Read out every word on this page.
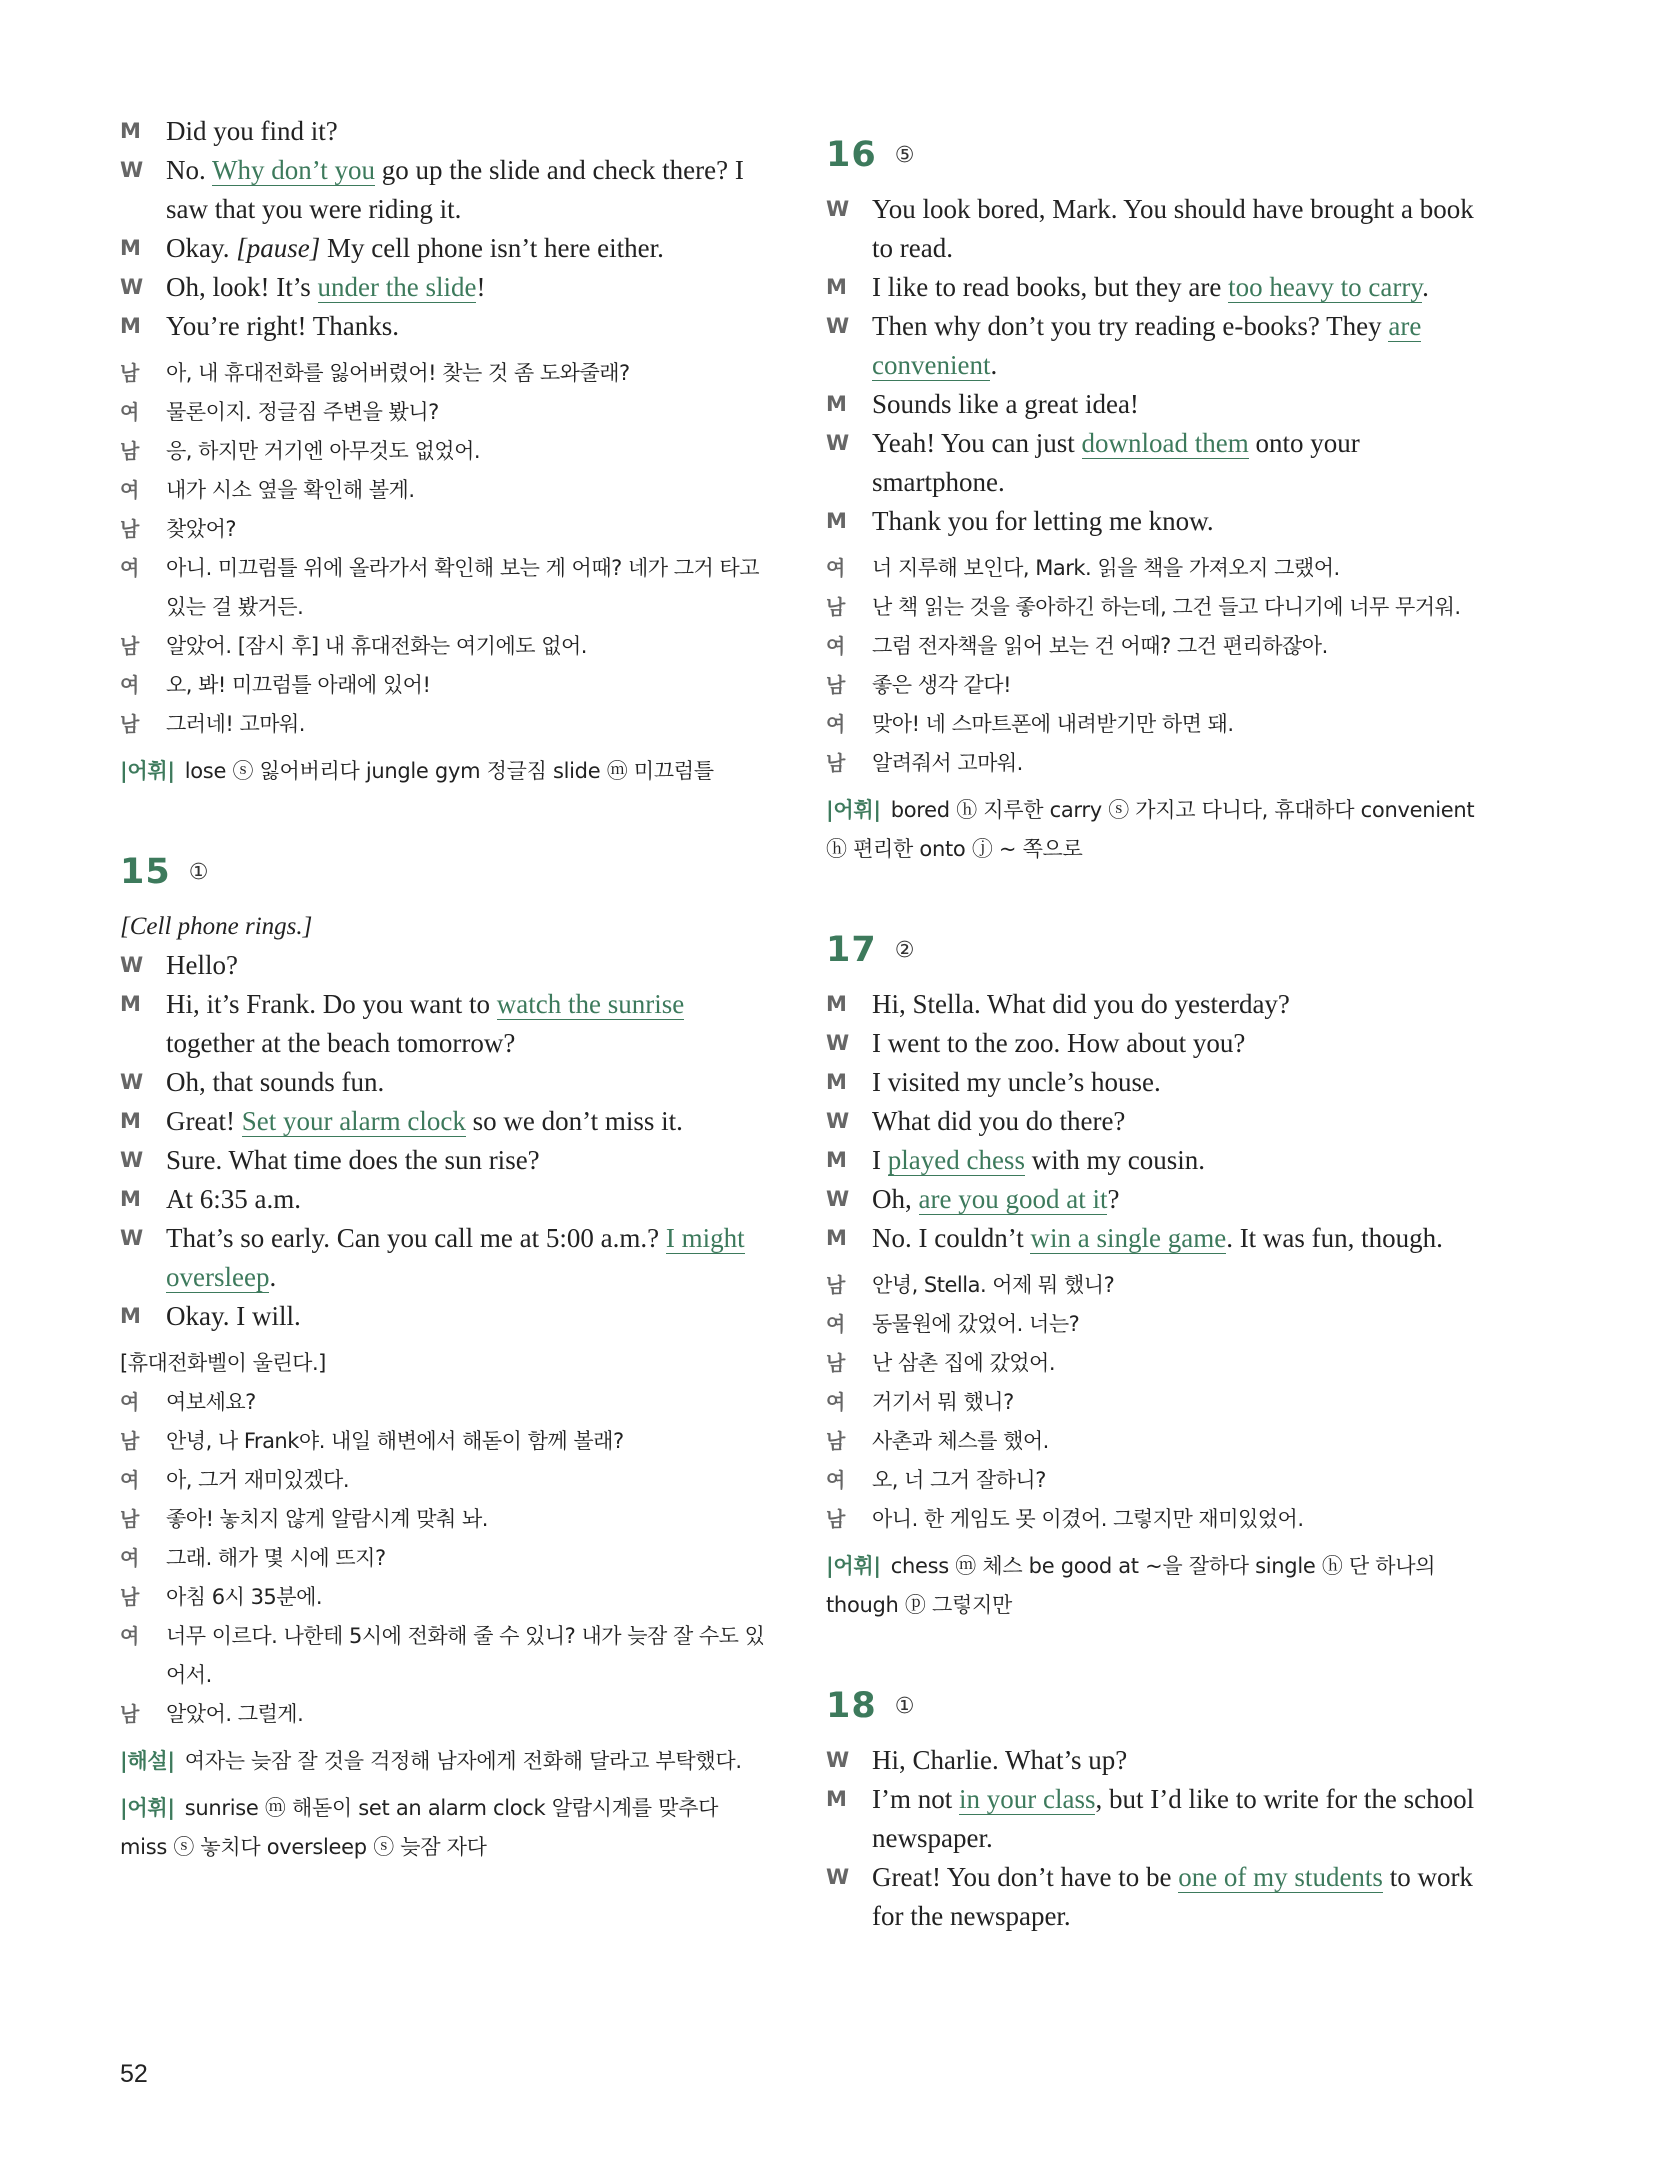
M Did you find it?
W No. Why don’t you go up the slide and check there? I saw that you were riding it.
M Okay. [pause] My cell phone isn’t here either.
W Oh, look! It’s under the slide!
M You’re right! Thanks.
남	아, 내 휴대전화를 잃어버렸어! 찾는 것 좀 도와줄래?
여	물론이지. 정글짐 주변을 봤니?
남	응, 하지만 거기엔 아무것도 없었어.
여	내가 시소 옆을 확인해 볼게.
남	찾았어?
여	아니. 미끄럼틀 위에 올라가서 확인해 보는 게 어때? 네가 그거 타고 있는 걸 봤거든.
남	알았어. [잠시 후] 내 휴대전화는 여기에도 없어.
여	오, 봐! 미끄럼틀 아래에 있어!
남	그러네! 고마워.
|어휘| lose ⓢ 잃어버리다 jungle gym 정글짐 slide ⓜ 미끄럼틀
15 ①
[Cell phone rings.]
W Hello?
M Hi, it’s Frank. Do you want to watch the sunrise together at the beach tomorrow?
W Oh, that sounds fun.
M Great! Set your alarm clock so we don’t miss it.
W Sure. What time does the sun rise?
M At 6:35 a.m.
W That’s so early. Can you call me at 5:00 a.m.? I might oversleep.
M Okay. I will.
[휴대전화벨이 울린다.]
여	여보세요?
남	안녕, 나 Frank야. 내일 해변에서 해돋이 함께 볼래?
여	아, 그거 재미있겠다.
남	좋아! 놓치지 않게 알람시계 맞춰 놔.
여	그래. 해가 몇 시에 뜨지?
남	아침 6시 35분에.
여	너무 이르다. 나한테 5시에 전화해 줄 수 있니? 내가 늦잠 잘 수도 있어서.
남	알았어. 그럴게.
|해설| 여자는 늦잠 잘 것을 걱정해 남자에게 전화해 달라고 부탁했다.
|어휘| sunrise ⓜ 해돋이 set an alarm clock 알람시계를 맞추다 miss ⓢ 놓치다 oversleep ⓢ 늦잠 자다
16 ⑤
W You look bored, Mark. You should have brought a book to read.
M I like to read books, but they are too heavy to carry.
W Then why don’t you try reading e-books? They are convenient.
M Sounds like a great idea!
W Yeah! You can just download them onto your smartphone.
M Thank you for letting me know.
여	너 지루해 보인다, Mark. 읽을 책을 가져오지 그랬어.
남	난 책 읽는 것을 좋아하긴 하는데, 그건 들고 다니기에 너무 무거워.
여	그럼 전자책을 읽어 보는 건 어때? 그건 편리하잖아.
남	좋은 생각 같다!
여	맞아! 네 스마트폰에 내려받기만 하면 돼.
남	알려줘서 고마워.
|어휘| bored ⓗ 지루한 carry ⓢ 가지고 다니다, 휴대하다 convenient ⓗ 편리한 onto ⓙ ~ 쪽으로
17 ②
M Hi, Stella. What did you do yesterday?
W I went to the zoo. How about you?
M I visited my uncle’s house.
W What did you do there?
M I played chess with my cousin.
W Oh, are you good at it?
M No. I couldn’t win a single game. It was fun, though.
남	안녕, Stella. 어제 뭐 했니?
여	동물원에 갔었어. 너는?
남	난 삼촌 집에 갔었어.
여	거기서 뭐 했니?
남	사촌과 체스를 했어.
여	오, 너 그거 잘하니?
남	아니. 한 게임도 못 이겼어. 그렇지만 재미있었어.
|어휘| chess ⓜ 체스 be good at ~을 잘하다 single ⓗ 단 하나의 though ⓟ 그렇지만
18 ①
W Hi, Charlie. What’s up?
M I’m not in your class, but I’d like to write for the school newspaper.
W Great! You don’t have to be one of my students to work for the newspaper.
52
